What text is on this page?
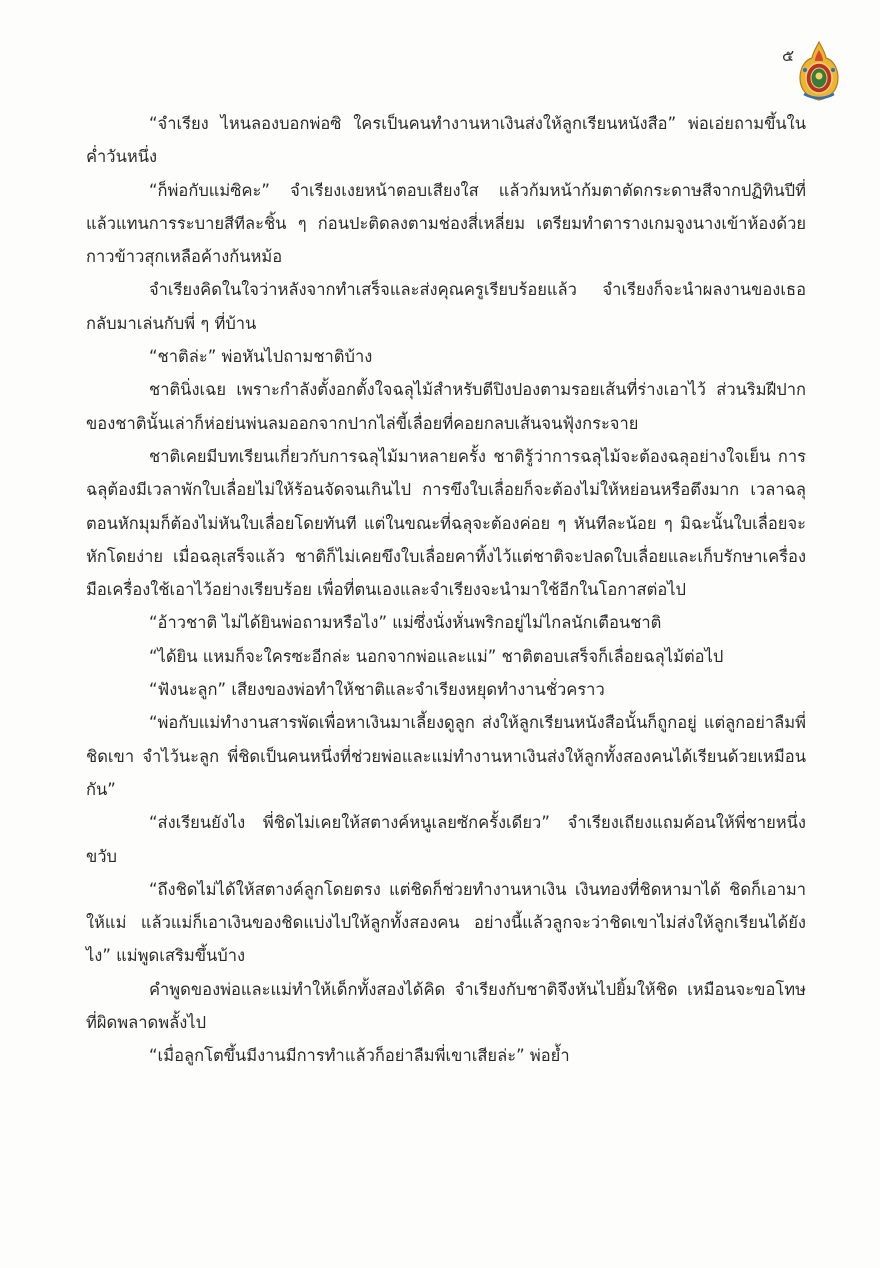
๕

“จำเรียง ไหนลองบอกพ่อซิ ใครเป็นคนทำงานหาเงินส่งให้ลูกเรียนหนังสือ” พ่อเอ่ยถามขึ้นในค่ำวันหนึ่ง

“ก็พ่อกับแม่ซิคะ” จำเรียงเงยหน้าตอบเสียงใส แล้วก้มหน้าก้มตาตัดกระดาษสีจากปฏิทินปีที่แล้วแทนการระบายสีทีละชิ้น ๆ ก่อนปะติดลงตามช่องสี่เหลี่ยม เตรียมทำตารางเกมจูงนางเข้าห้องด้วยกาวข้าวสุกเหลือค้างก้นหม้อ

จำเรียงคิดในใจว่าหลังจากทำเสร็จและส่งคุณครูเรียบร้อยแล้ว จำเรียงก็จะนำผลงานของเธอกลับมาเล่นกับพี่ ๆ ที่บ้าน

“ชาติล่ะ” พ่อหันไปถามชาติบ้าง

ชาตินิ่งเฉย เพราะกำลังตั้งอกตั้งใจฉลุไม้สำหรับตีปิงปองตามรอยเส้นที่ร่างเอาไว้ ส่วนริมฝีปากของชาตินั้นเล่าก็ห่อย่นพ่นลมออกจากปากไล่ขี้เลื่อยที่คอยกลบเส้นจนฟุ้งกระจาย

ชาติเคยมีบทเรียนเกี่ยวกับการฉลุไม้มาหลายครั้ง ชาติรู้ว่าการฉลุไม้จะต้องฉลุอย่างใจเย็น การฉลุต้องมีเวลาพักใบเลื่อยไม่ให้ร้อนจัดจนเกินไป การขึงใบเลื่อยก็จะต้องไม่ให้หย่อนหรือตึงมาก เวลาฉลุตอนหักมุมก็ต้องไม่หันใบเลื่อยโดยทันที แต่ในขณะที่ฉลุจะต้องค่อย ๆ หันทีละน้อย ๆ มิฉะนั้นใบเลื่อยจะหักโดยง่าย เมื่อฉลุเสร็จแล้ว ชาติก็ไม่เคยขึงใบเลื่อยคาทิ้งไว้แต่ชาติจะปลดใบเลื่อยและเก็บรักษาเครื่องมือเครื่องใช้เอาไว้อย่างเรียบร้อย เพื่อที่ตนเองและจำเรียงจะนำมาใช้อีกในโอกาสต่อไป

“อ้าวชาติ ไม่ได้ยินพ่อถามหรือไง” แม่ซึ่งนั่งหั่นพริกอยู่ไม่ไกลนักเตือนชาติ

“ได้ยิน แหมก็จะใครซะอีกล่ะ นอกจากพ่อและแม่” ชาติตอบเสร็จก็เลื่อยฉลุไม้ต่อไป

“ฟังนะลูก” เสียงของพ่อทำให้ชาติและจำเรียงหยุดทำงานชั่วคราว

“พ่อกับแม่ทำงานสารพัดเพื่อหาเงินมาเลี้ยงดูลูก ส่งให้ลูกเรียนหนังสือนั้นก็ถูกอยู่ แต่ลูกอย่าลืมพี่ชิดเขา จำไว้นะลูก พี่ชิดเป็นคนหนึ่งที่ช่วยพ่อและแม่ทำงานหาเงินส่งให้ลูกทั้งสองคนได้เรียนด้วยเหมือนกัน”

“ส่งเรียนยังไง พี่ชิดไม่เคยให้สตางค์หนูเลยซักครั้งเดียว” จำเรียงเถียงแถมค้อนให้พี่ชายหนึ่งขวับ

“ถึงชิดไม่ได้ให้สตางค์ลูกโดยตรง แต่ชิดก็ช่วยทำงานหาเงิน เงินทองที่ชิดหามาได้ ชิดก็เอามาให้แม่ แล้วแม่ก็เอาเงินของชิดแบ่งไปให้ลูกทั้งสองคน อย่างนี้แล้วลูกจะว่าชิดเขาไม่ส่งให้ลูกเรียนได้ยังไง” แม่พูดเสริมขึ้นบ้าง

คำพูดของพ่อและแม่ทำให้เด็กทั้งสองได้คิด จำเรียงกับชาติจึงหันไปยิ้มให้ชิด เหมือนจะขอโทษที่ผิดพลาดพลั้งไป

“เมื่อลูกโตขึ้นมีงานมีการทำแล้วก็อย่าลืมพี่เขาเสียล่ะ” พ่อย้ำ
